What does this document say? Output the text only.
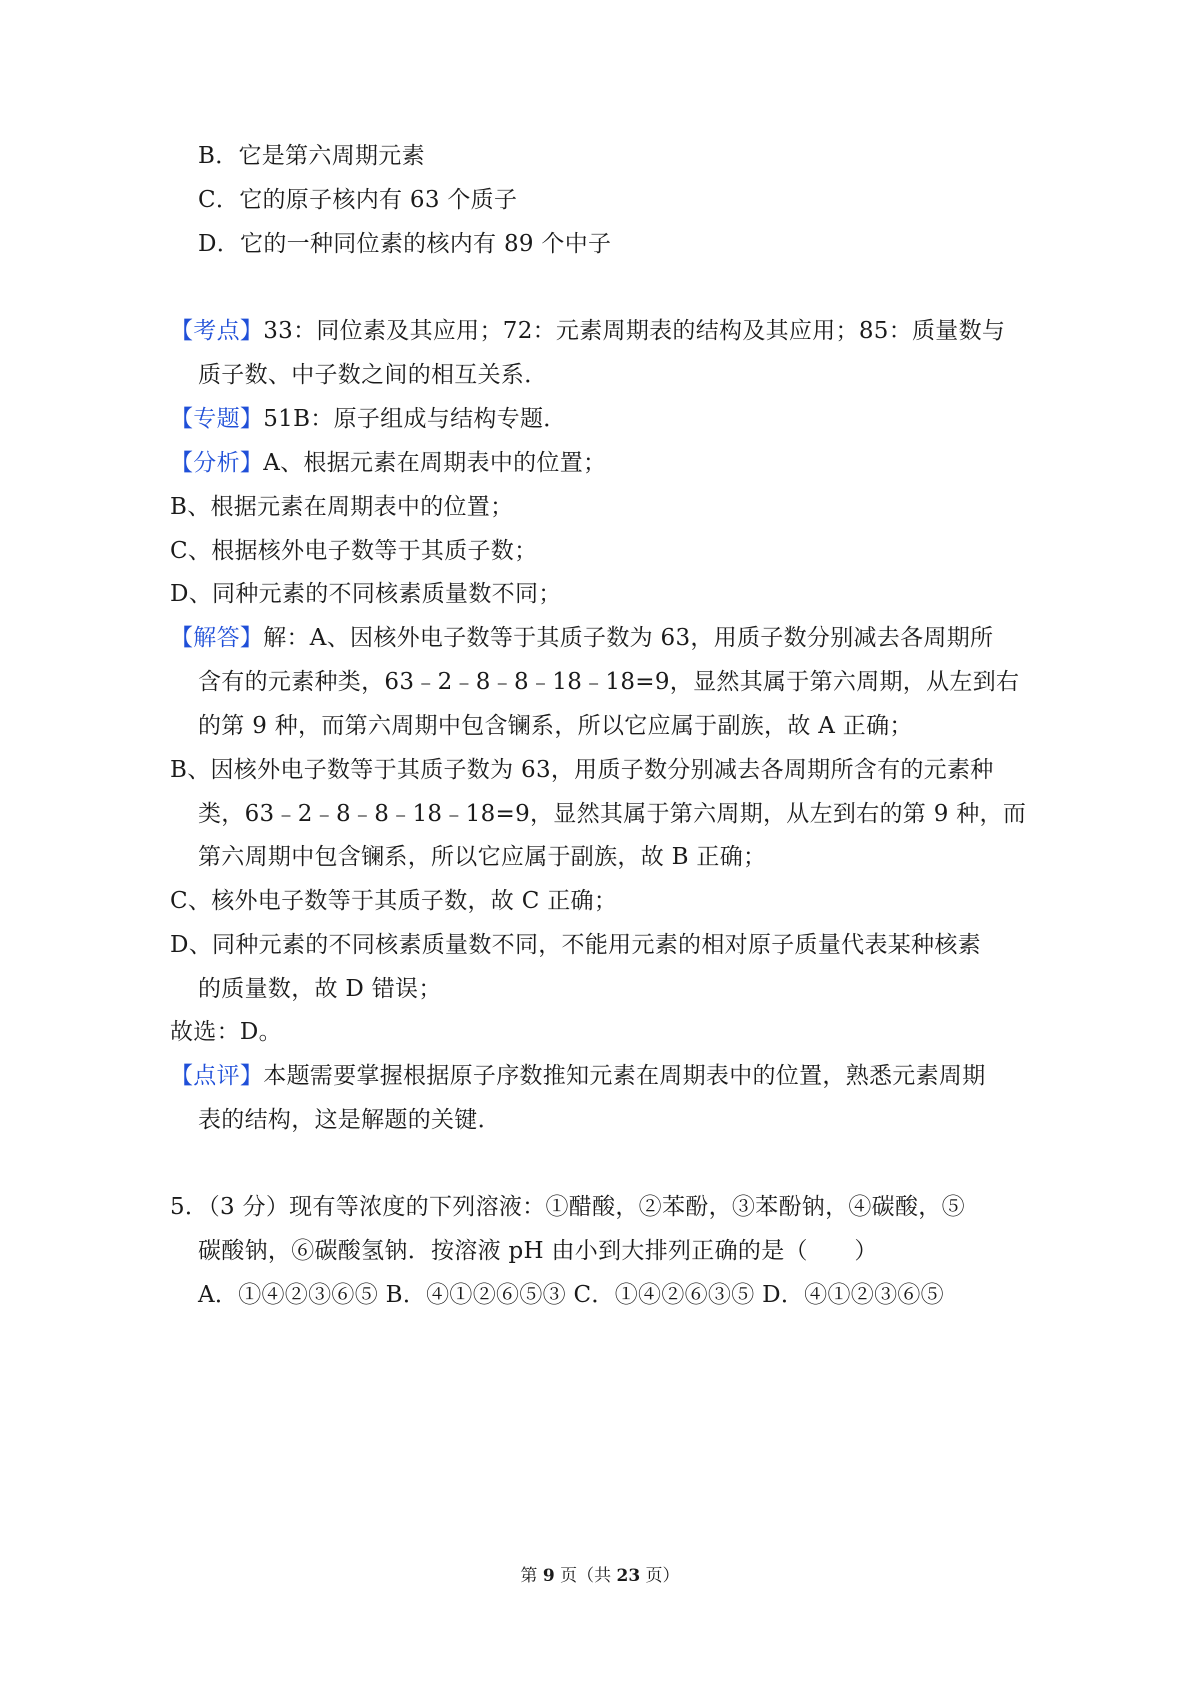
B．它是第六周期元素
C．它的原子核内有 63 个质子
D．它的一种同位素的核内有 89 个中子
【考点】33：同位素及其应用；72：元素周期表的结构及其应用；85：质量数与
质子数、中子数之间的相互关系．
【专题】51B：原子组成与结构专题．
【分析】A、根据元素在周期表中的位置；
B、根据元素在周期表中的位置；
C、根据核外电子数等于其质子数；
D、同种元素的不同核素质量数不同；
【解答】解：A、因核外电子数等于其质子数为 63，用质子数分别减去各周期所
含有的元素种类，63﹣2﹣8﹣8﹣18﹣18=9，显然其属于第六周期，从左到右
的第 9 种，而第六周期中包含镧系，所以它应属于副族，故 A 正确；
B、因核外电子数等于其质子数为 63，用质子数分别减去各周期所含有的元素种
类，63﹣2﹣8﹣8﹣18﹣18=9，显然其属于第六周期，从左到右的第 9 种，而
第六周期中包含镧系，所以它应属于副族，故 B 正确；
C、核外电子数等于其质子数，故 C 正确；
D、同种元素的不同核素质量数不同，不能用元素的相对原子质量代表某种核素
的质量数，故 D 错误；
故选：D。
【点评】本题需要掌握根据原子序数推知元素在周期表中的位置，熟悉元素周期
表的结构，这是解题的关键．
5．（3 分）现有等浓度的下列溶液：①醋酸，②苯酚，③苯酚钠，④碳酸，⑤
碳酸钠，⑥碳酸氢钠．按溶液 pH 由小到大排列正确的是（　　）
A．①④②③⑥⑤ B．④①②⑥⑤③ C．①④②⑥③⑤ D．④①②③⑥⑤
第 9 页（共 23 页）
